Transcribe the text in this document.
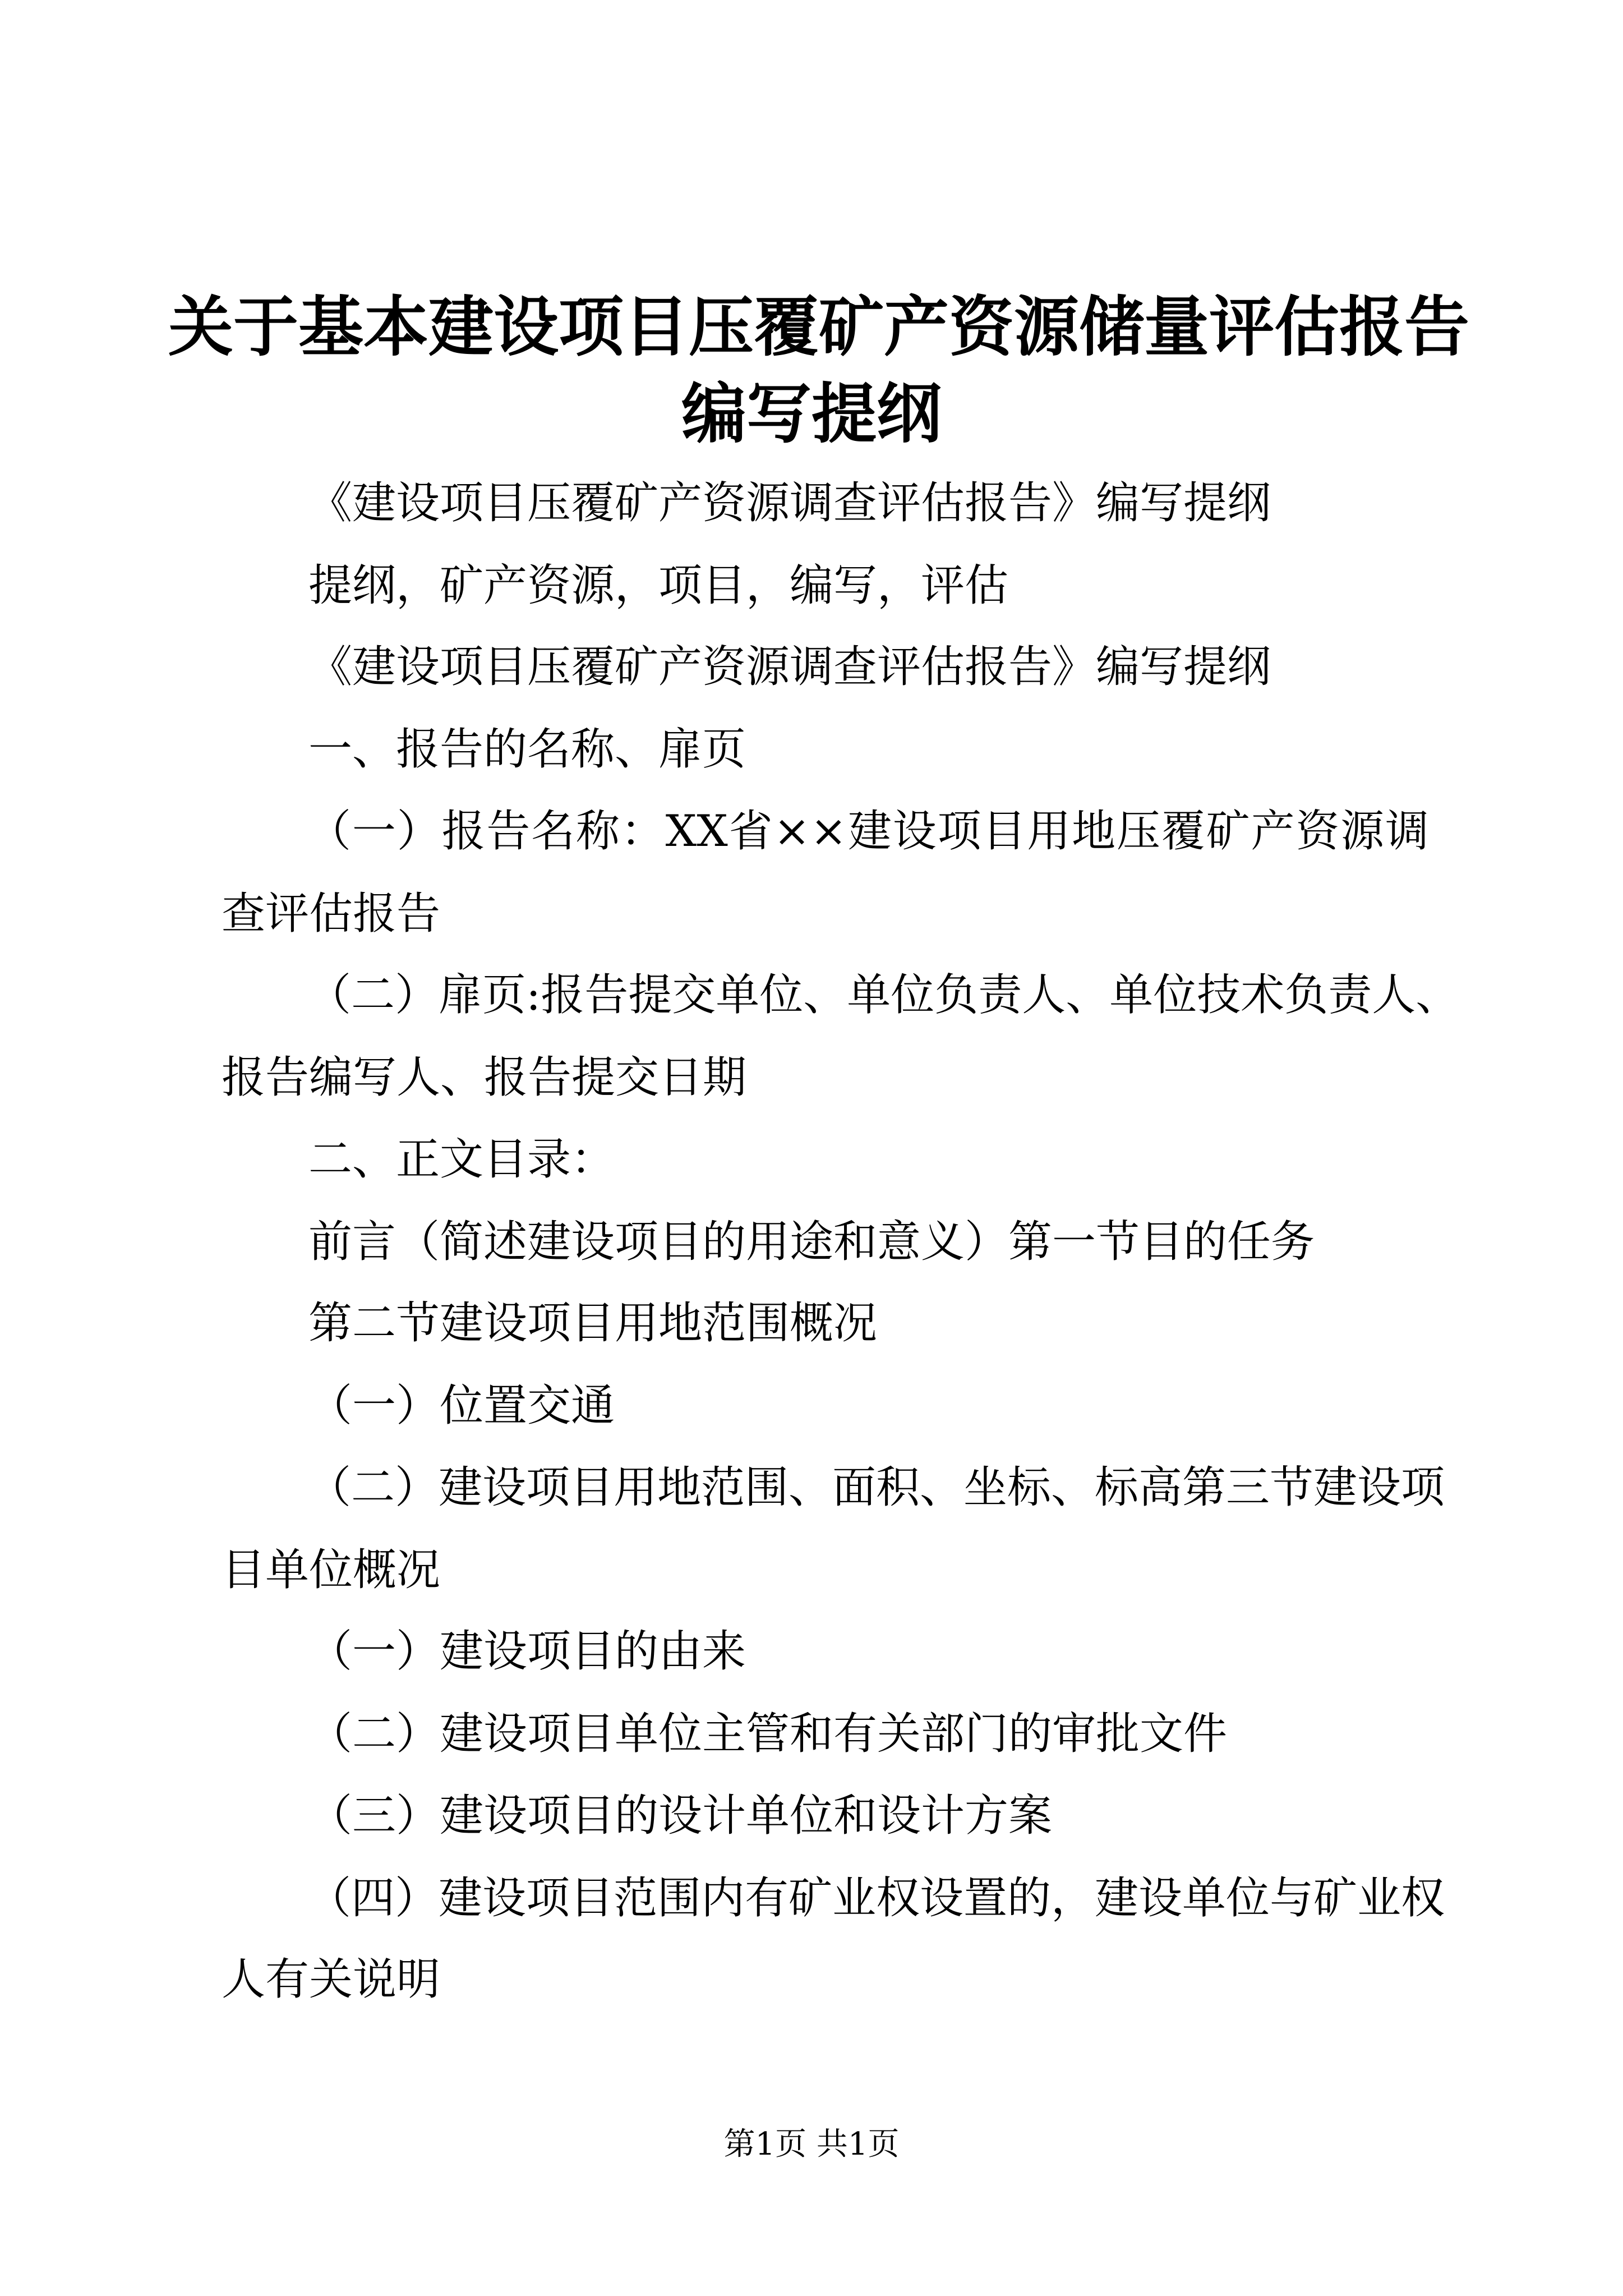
关于基本建设项目压覆矿产资源储量评估报告
编写提纲
《建设项目压覆矿产资源调查评估报告》编写提纲
提纲，矿产资源，项目，编写，评估
《建设项目压覆矿产资源调查评估报告》编写提纲
一、报告的名称、扉页
（一）报告名称：XX省××建设项目用地压覆矿产资源调
查评估报告
（二）扉页:报告提交单位、单位负责人、单位技术负责人、
报告编写人、报告提交日期
二、正文目录：
前言（简述建设项目的用途和意义）第一节目的任务
第二节建设项目用地范围概况
（一）位置交通
（二）建设项目用地范围、面积、坐标、标高第三节建设项
目单位概况
（一）建设项目的由来
（二）建设项目单位主管和有关部门的审批文件
（三）建设项目的设计单位和设计方案
（四）建设项目范围内有矿业权设置的，建设单位与矿业权
人有关说明
第1页 共1页
